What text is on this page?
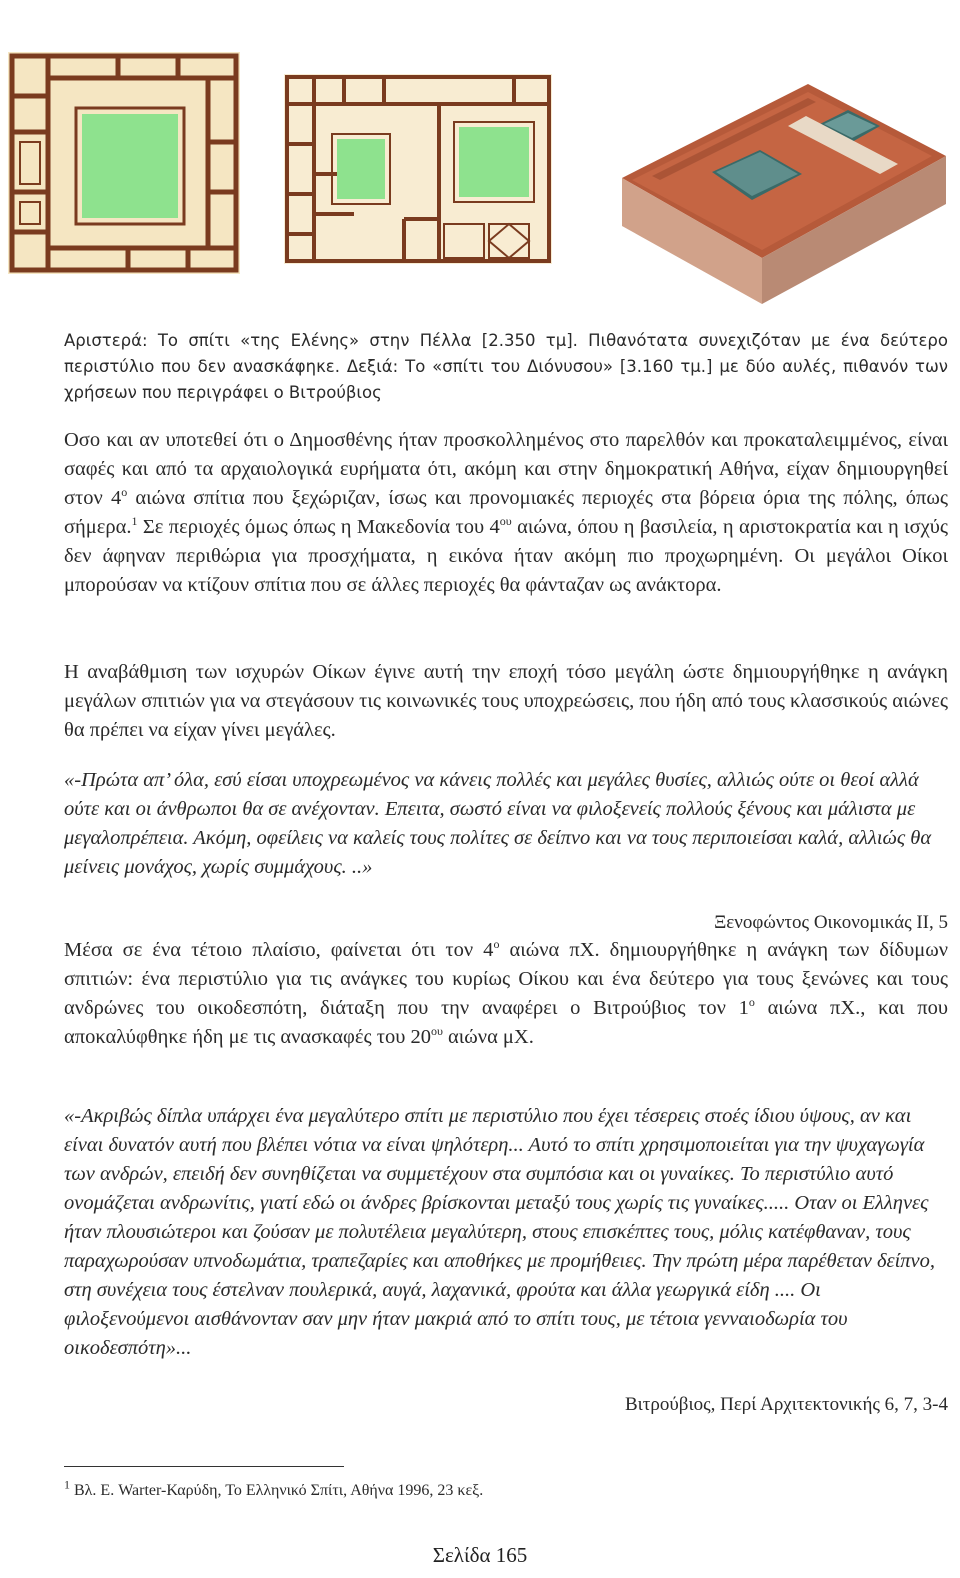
Αριστερά: Το σπίτι «της Ελένης» στην Πέλλα [2.350 τμ]. Πιθανότατα συνεχιζόταν με ένα δεύτερο περιστύλιο που δεν ανασκάφηκε. Δεξιά: Το «σπίτι του Διόνυσου» [3.160 τμ.] με δύο αυλές, πιθανόν των χρήσεων που περιγράφει ο Βιτρούβιος
Οσο και αν υποτεθεί ότι ο Δημοσθένης ήταν προσκολλημένος στο παρελθόν και προκαταλειμμένος, είναι σαφές και από τα αρχαιολογικά ευρήματα ότι, ακόμη και στην δημοκρατική Αθήνα, είχαν δημιουργηθεί στον $4^o$ αιώνα σπίτια που ξεχώριζαν, ίσως και προνομιακές περιοχές στα βόρεια όρια της πόλης, όπως σήμερα.$^1$ Σε περιοχές όμως όπως η Μακεδονία του $4^{o\upsilon}$ αιώνα, όπου η βασιλεία, η αριστοκρατία και η ισχύς δεν άφηναν περιθώρια για προσχήματα, η εικόνα ήταν ακόμη πιο προχωρημένη. Οι μεγάλοι Οίκοι μπορούσαν να κτίζουν σπίτια που σε άλλες περιοχές θα φάνταζαν ως ανάκτορα.
Η αναβάθμιση των ισχυρών Οίκων έγινε αυτή την εποχή τόσο μεγάλη ώστε δημιουργήθηκε η ανάγκη μεγάλων σπιτιών για να στεγάσουν τις κοινωνικές τους υποχρεώσεις, που ήδη από τους κλασσικούς αιώνες θα πρέπει να είχαν γίνει μεγάλες.
«-Πρώτα απ’ όλα, εσύ είσαι υποχρεωμένος να κάνεις πολλές και μεγάλες θυσίες, αλλιώς ούτε οι θεοί αλλά ούτε και οι άνθρωποι θα σε ανέχονταν. Επειτα, σωστό είναι να φιλοξενείς πολλούς ξένους και μάλιστα με μεγαλοπρέπεια. Ακόμη, οφείλεις να καλείς τους πολίτες σε δείπνο και να τους περιποιείσαι καλά, αλλιώς θα μείνεις μονάχος, χωρίς συμμάχους. ..»
Ξενοφώντος Οικονομικάς ΙΙ, 5
Μέσα σε ένα τέτοιο πλαίσιο, φαίνεται ότι τον $4^o$ αιώνα πΧ. δημιουργήθηκε η ανάγκη των δίδυμων σπιτιών: ένα περιστύλιο για τις ανάγκες του κυρίως Οίκου και ένα δεύτερο για τους ξενώνες και τους ανδρώνες του οικοδεσπότη, διάταξη που την αναφέρει ο Βιτρούβιος τον $1^o$ αιώνα πΧ., και που αποκαλύφθηκε ήδη με τις ανασκαφές του $20^{o\upsilon}$ αιώνα μΧ.
«-Ακριβώς δίπλα υπάρχει ένα μεγαλύτερο σπίτι με περιστύλιο που έχει τέσερεις στοές ίδιου ύψους, αν και είναι δυνατόν αυτή που βλέπει νότια να είναι ψηλότερη... Αυτό το σπίτι χρησιμοποιείται για την ψυχαγωγία των ανδρών, επειδή δεν συνηθίζεται να συμμετέχουν στα συμπόσια και οι γυναίκες. Το περιστύλιο αυτό ονομάζεται ανδρωνίτις, γιατί εδώ οι άνδρες βρίσκονται μεταξύ τους χωρίς τις γυναίκες..... Οταν οι Ελληνες ήταν πλουσιώτεροι και ζούσαν με πολυτέλεια μεγαλύτερη, στους επισκέπτες τους, μόλις κατέφθαναν, τους παραχωρούσαν υπνοδωμάτια, τραπεζαρίες και αποθήκες με προμήθειες. Την πρώτη μέρα παρέθεταν δείπνο, στη συνέχεια τους έστελναν πουλερικά, αυγά, λαχανικά, φρούτα και άλλα γεωργικά είδη .... Οι φιλοξενούμενοι αισθάνονταν σαν μην ήταν μακριά από το σπίτι τους, με τέτοια γενναιοδωρία του οικοδεσπότη»...
Βιτρούβιος, Περί Αρχιτεκτονικής 6, 7, 3-4
$^1$ Βλ. Ε. Warter-Καρύδη, Το Ελληνικό Σπίτι, Αθήνα 1996, 23 κεξ.
Σελίδα 165
